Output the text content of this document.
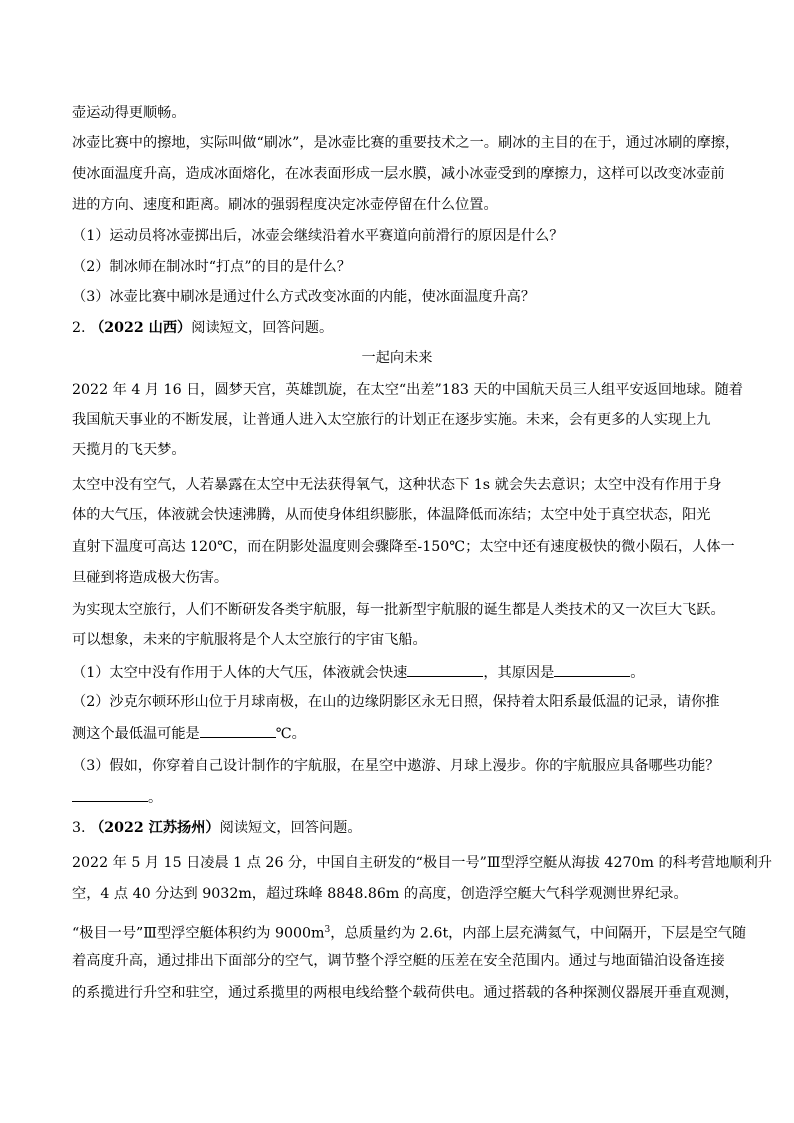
壶运动得更顺畅。
冰壶比赛中的擦地，实际叫做“刷冰”，是冰壶比赛的重要技术之一。刷冰的主目的在于，通过冰刷的摩擦，
使冰面温度升高，造成冰面熔化，在冰表面形成一层水膜，减小冰壶受到的摩擦力，这样可以改变冰壶前
进的方向、速度和距离。刷冰的强弱程度决定冰壶停留在什么位置。
（1）运动员将冰壶掷出后，冰壶会继续沿着水平赛道向前滑行的原因是什么？
（2）制冰师在制冰时“打点”的目的是什么？
（3）冰壶比赛中刷冰是通过什么方式改变冰面的内能，使冰面温度升高？
2. （2022 山西）阅读短文，回答问题。
一起向未来
2022 年 4 月 16 日，圆梦天宫，英雄凯旋，在太空“出差”183 天的中国航天员三人组平安返回地球。随着
我国航天事业的不断发展，让普通人进入太空旅行的计划正在逐步实施。未来，会有更多的人实现上九
天揽月的飞天梦。
太空中没有空气，人若暴露在太空中无法获得氧气，这种状态下 1s 就会失去意识；太空中没有作用于身
体的大气压，体液就会快速沸腾，从而使身体组织膨胀，体温降低而冻结；太空中处于真空状态，阳光
直射下温度可高达 120℃，而在阴影处温度则会骤降至-150℃；太空中还有速度极快的微小陨石，人体一
旦碰到将造成极大伤害。
为实现太空旅行，人们不断研发各类宇航服，每一批新型宇航服的诞生都是人类技术的又一次巨大飞跃。
可以想象，未来的宇航服将是个人太空旅行的宇宙飞船。
（1）太空中没有作用于人体的大气压，体液就会快速	，其原因是	。
（2）沙克尔顿环形山位于月球南极，在山的边缘阴影区永无日照，保持着太阳系最低温的记录，请你推
测这个最低温可能是	℃。
（3）假如，你穿着自己设计制作的宇航服，在星空中遨游、月球上漫步。你的宇航服应具备哪些功能？
。
3. （2022 江苏扬州）阅读短文，回答问题。
2022 年 5 月 15 日凌晨 1 点 26 分，中国自主研发的“极目一号”Ⅲ型浮空艇从海拔 4270m 的科考营地顺利升
空，4 点 40 分达到 9032m，超过珠峰 8848.86m 的高度，创造浮空艇大气科学观测世界纪录。
“极目一号”Ⅲ型浮空艇体积约为 $9000m^3$，总质量约为 2.6t，内部上层充满氦气，中间隔开，下层是空气随
着高度升高，通过排出下面部分的空气，调节整个浮空艇的压差在安全范围内。通过与地面锚泊设备连接
的系揽进行升空和驻空，通过系揽里的两根电线给整个载荷供电。通过搭载的各种探测仪器展开垂直观测，
